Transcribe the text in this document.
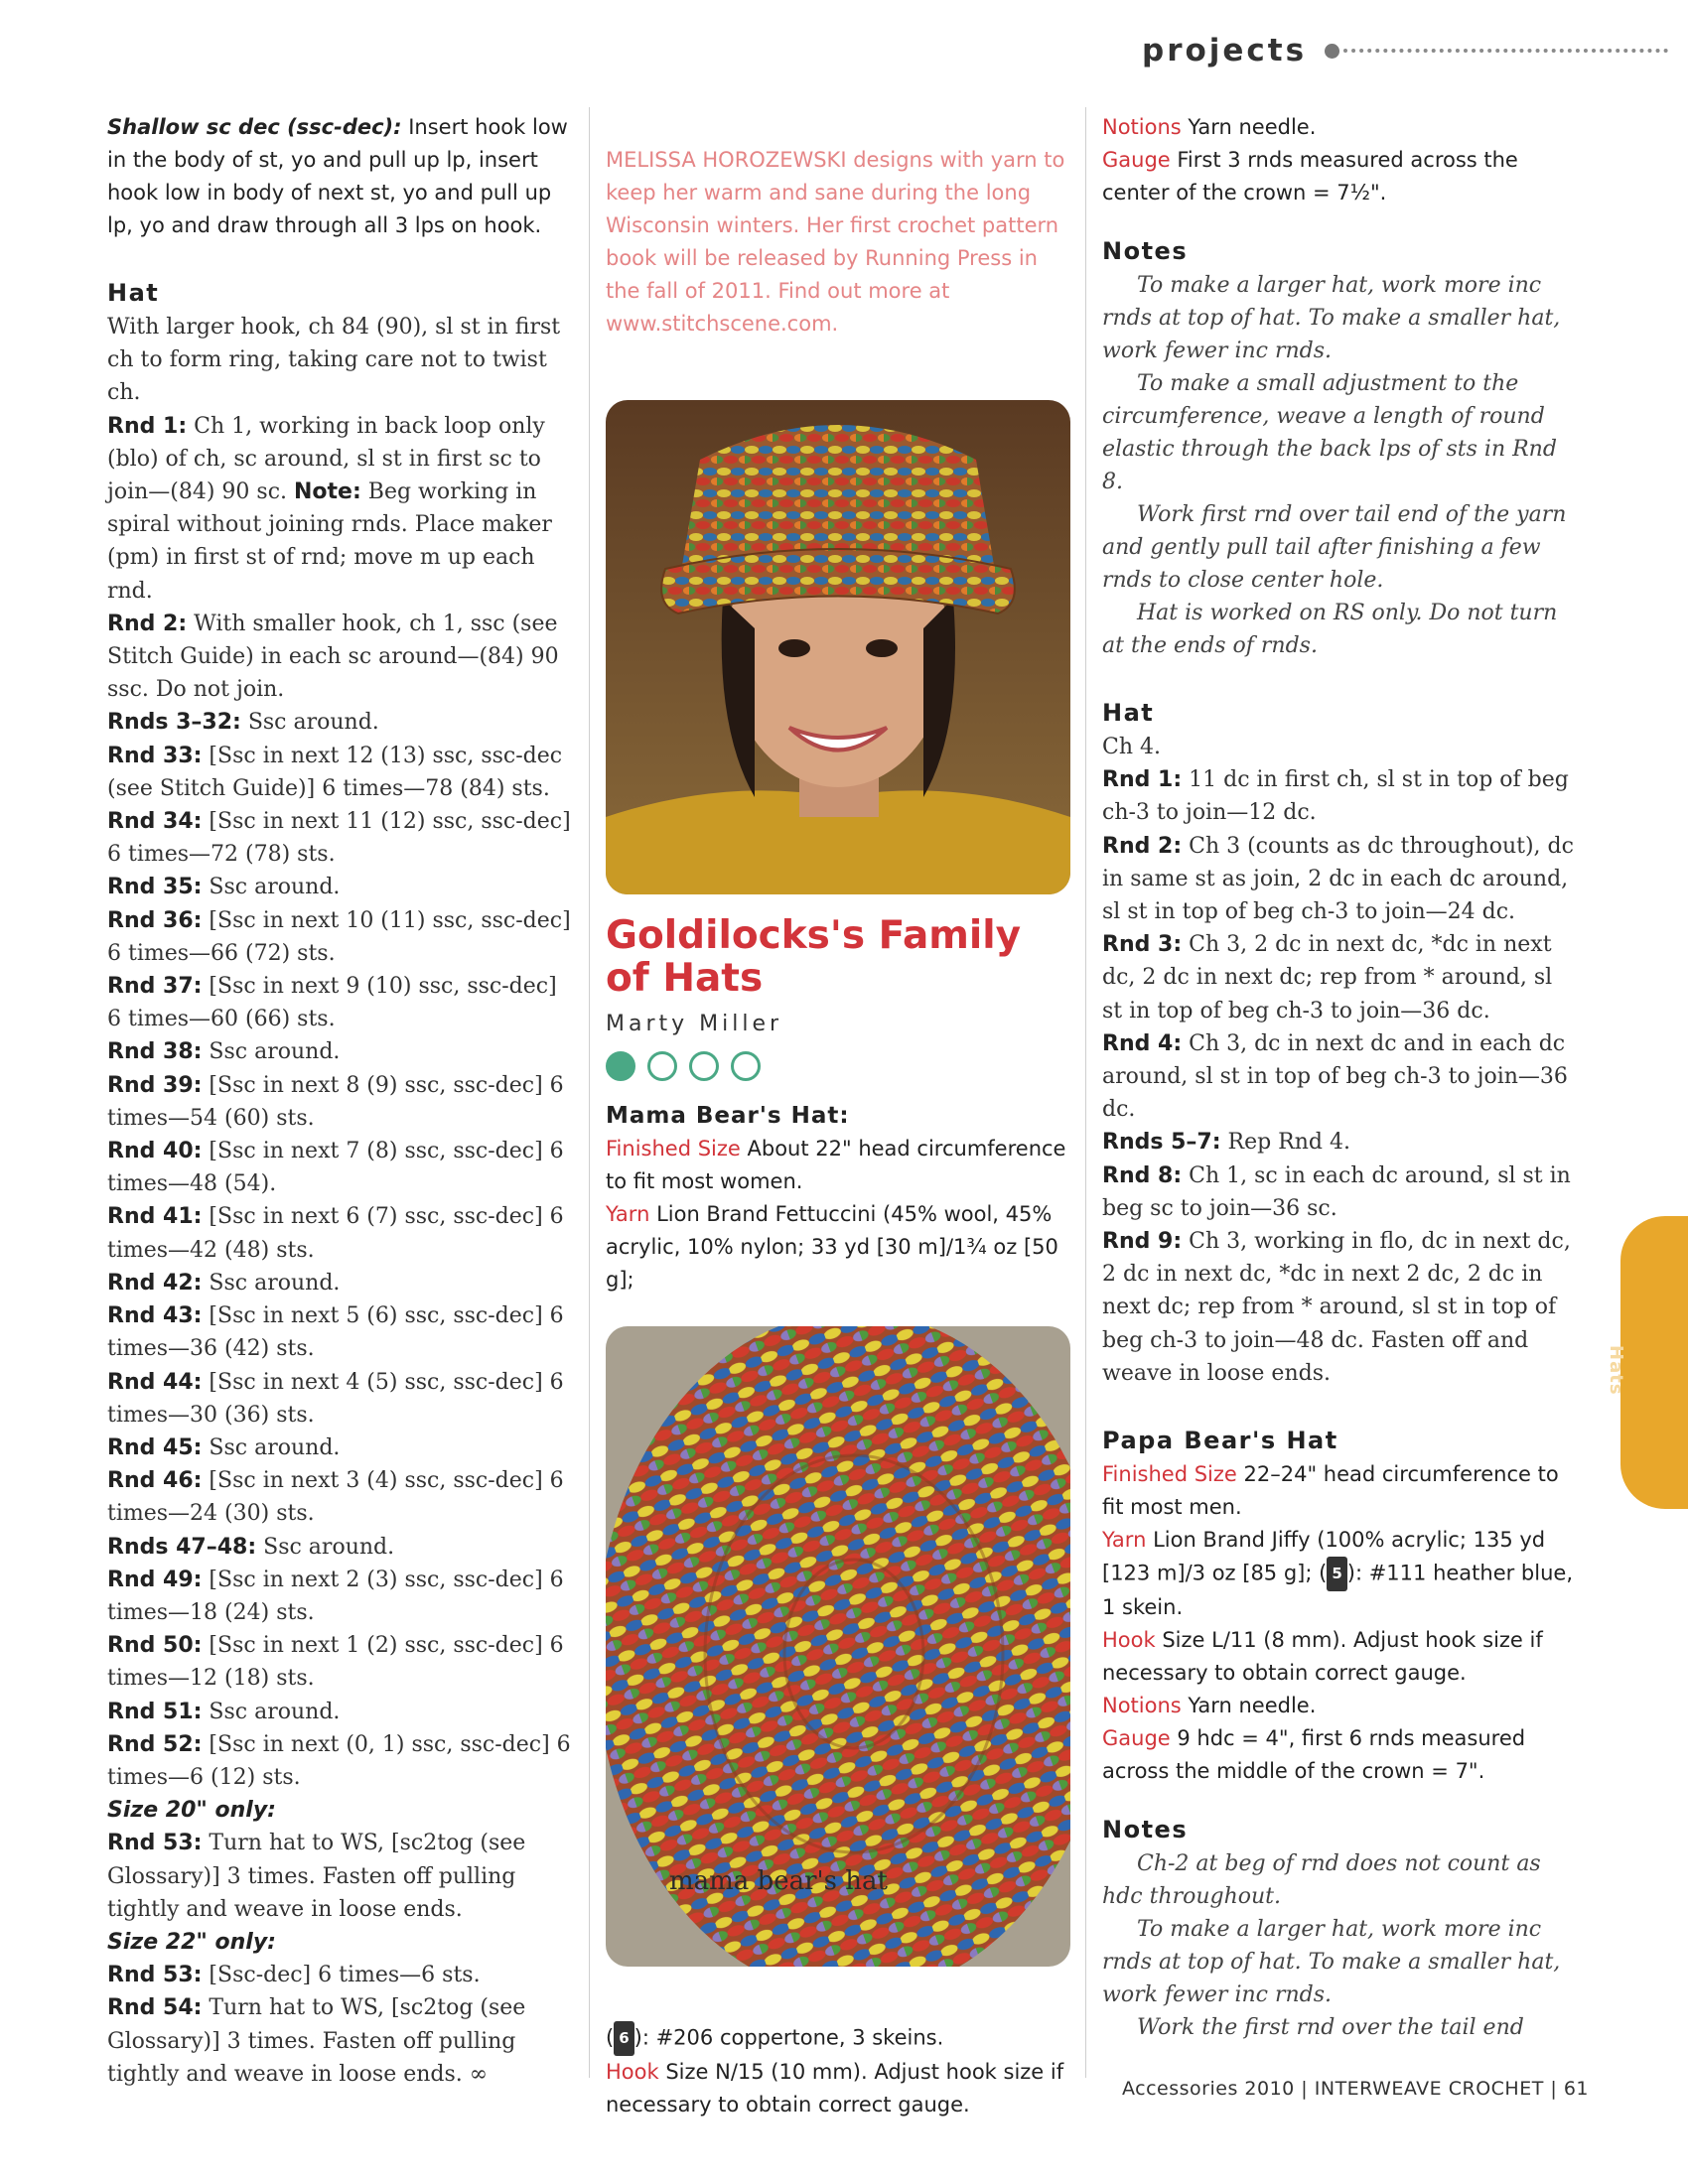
projects

Shallow sc dec (ssc-dec): Insert hook low in the body of st, yo and pull up lp, insert hook low in body of next st, yo and pull up lp, yo and draw through all 3 lps on hook.

Hat

With larger hook, ch 84 (90), sl st in first ch to form ring, taking care not to twist ch.

Rnd 1: Ch 1, working in back loop only (blo) of ch, sc around, sl st in first sc to join—(84) 90 sc. Note: Beg working in spiral without joining rnds. Place maker (pm) in first st of rnd; move m up each rnd.

Rnd 2: With smaller hook, ch 1, ssc (see Stitch Guide) in each sc around—(84) 90 ssc. Do not join.

Rnds 3–32: Ssc around.

Rnd 33: [Ssc in next 12 (13) ssc, ssc-dec (see Stitch Guide)] 6 times—78 (84) sts.

Rnd 34: [Ssc in next 11 (12) ssc, ssc-dec] 6 times—72 (78) sts.

Rnd 35: Ssc around.

Rnd 36: [Ssc in next 10 (11) ssc, ssc-dec] 6 times—66 (72) sts.

Rnd 37: [Ssc in next 9 (10) ssc, ssc-dec] 6 times—60 (66) sts.

Rnd 38: Ssc around.

Rnd 39: [Ssc in next 8 (9) ssc, ssc-dec] 6 times—54 (60) sts.

Rnd 40: [Ssc in next 7 (8) ssc, ssc-dec] 6 times—48 (54).

Rnd 41: [Ssc in next 6 (7) ssc, ssc-dec] 6 times—42 (48) sts.

Rnd 42: Ssc around.

Rnd 43: [Ssc in next 5 (6) ssc, ssc-dec] 6 times—36 (42) sts.

Rnd 44: [Ssc in next 4 (5) ssc, ssc-dec] 6 times—30 (36) sts.

Rnd 45: Ssc around.

Rnd 46: [Ssc in next 3 (4) ssc, ssc-dec] 6 times—24 (30) sts.

Rnds 47–48: Ssc around.

Rnd 49: [Ssc in next 2 (3) ssc, ssc-dec] 6 times—18 (24) sts.

Rnd 50: [Ssc in next 1 (2) ssc, ssc-dec] 6 times—12 (18) sts.

Rnd 51: Ssc around.

Rnd 52: [Ssc in next (0, 1) ssc, ssc-dec] 6 times—6 (12) sts.

Size 20" only:

Rnd 53: Turn hat to WS, [sc2tog (see Glossary)] 3 times. Fasten off pulling tightly and weave in loose ends.

Size 22" only:

Rnd 53: [Ssc-dec] 6 times—6 sts.

Rnd 54: Turn hat to WS, [sc2tog (see Glossary)] 3 times. Fasten off pulling tightly and weave in loose ends. ∞

MELISSA HOROZEWSKI designs with yarn to keep her warm and sane during the long Wisconsin winters. Her first crochet pattern book will be released by Running Press in the fall of 2011. Find out more at www.stitchscene.com.

Goldilocks's Family of Hats
Marty Miller
Mama Bear's Hat:

Finished Size About 22" head circumference to fit most women.

Yarn Lion Brand Fettuccini (45% wool, 45% acrylic, 10% nylon; 33 yd [30 m]/1¾ oz [50 g];

mama bear's hat

( 6 ): #206 coppertone, 3 skeins.

Hook Size N/15 (10 mm). Adjust hook size if necessary to obtain correct gauge.

Notions Yarn needle.

Gauge First 3 rnds measured across the center of the crown = 7½".

Notes

To make a larger hat, work more inc rnds at top of hat. To make a smaller hat, work fewer inc rnds.

To make a small adjustment to the circumference, weave a length of round elastic through the back lps of sts in Rnd 8.

Work first rnd over tail end of the yarn and gently pull tail after finishing a few rnds to close center hole.

Hat is worked on RS only. Do not turn at the ends of rnds.

Hat

Ch 4.

Rnd 1: 11 dc in first ch, sl st in top of beg ch-3 to join—12 dc.

Rnd 2: Ch 3 (counts as dc throughout), dc in same st as join, 2 dc in each dc around, sl st in top of beg ch-3 to join—24 dc.

Rnd 3: Ch 3, 2 dc in next dc, *dc in next dc, 2 dc in next dc; rep from * around, sl st in top of beg ch-3 to join—36 dc.

Rnd 4: Ch 3, dc in next dc and in each dc around, sl st in top of beg ch-3 to join—36 dc.

Rnds 5–7: Rep Rnd 4.

Rnd 8: Ch 1, sc in each dc around, sl st in beg sc to join—36 sc.

Rnd 9: Ch 3, working in flo, dc in next dc, 2 dc in next dc, *dc in next 2 dc, 2 dc in next dc; rep from * around, sl st in top of beg ch-3 to join—48 dc. Fasten off and weave in loose ends.

Papa Bear's Hat

Finished Size 22–24" head circumference to fit most men.

Yarn Lion Brand Jiffy (100% acrylic; 135 yd [123 m]/3 oz [85 g]; ( 5 ): #111 heather blue, 1 skein.

Hook Size L/11 (8 mm). Adjust hook size if necessary to obtain correct gauge.

Notions Yarn needle.

Gauge 9 hdc = 4", first 6 rnds measured across the middle of the crown = 7".

Notes

Ch-2 at beg of rnd does not count as hdc throughout.

To make a larger hat, work more inc rnds at top of hat. To make a smaller hat, work fewer inc rnds.

Work the first rnd over the tail end

Hats
Accessories 2010 | INTERWEAVE CROCHET | 61
